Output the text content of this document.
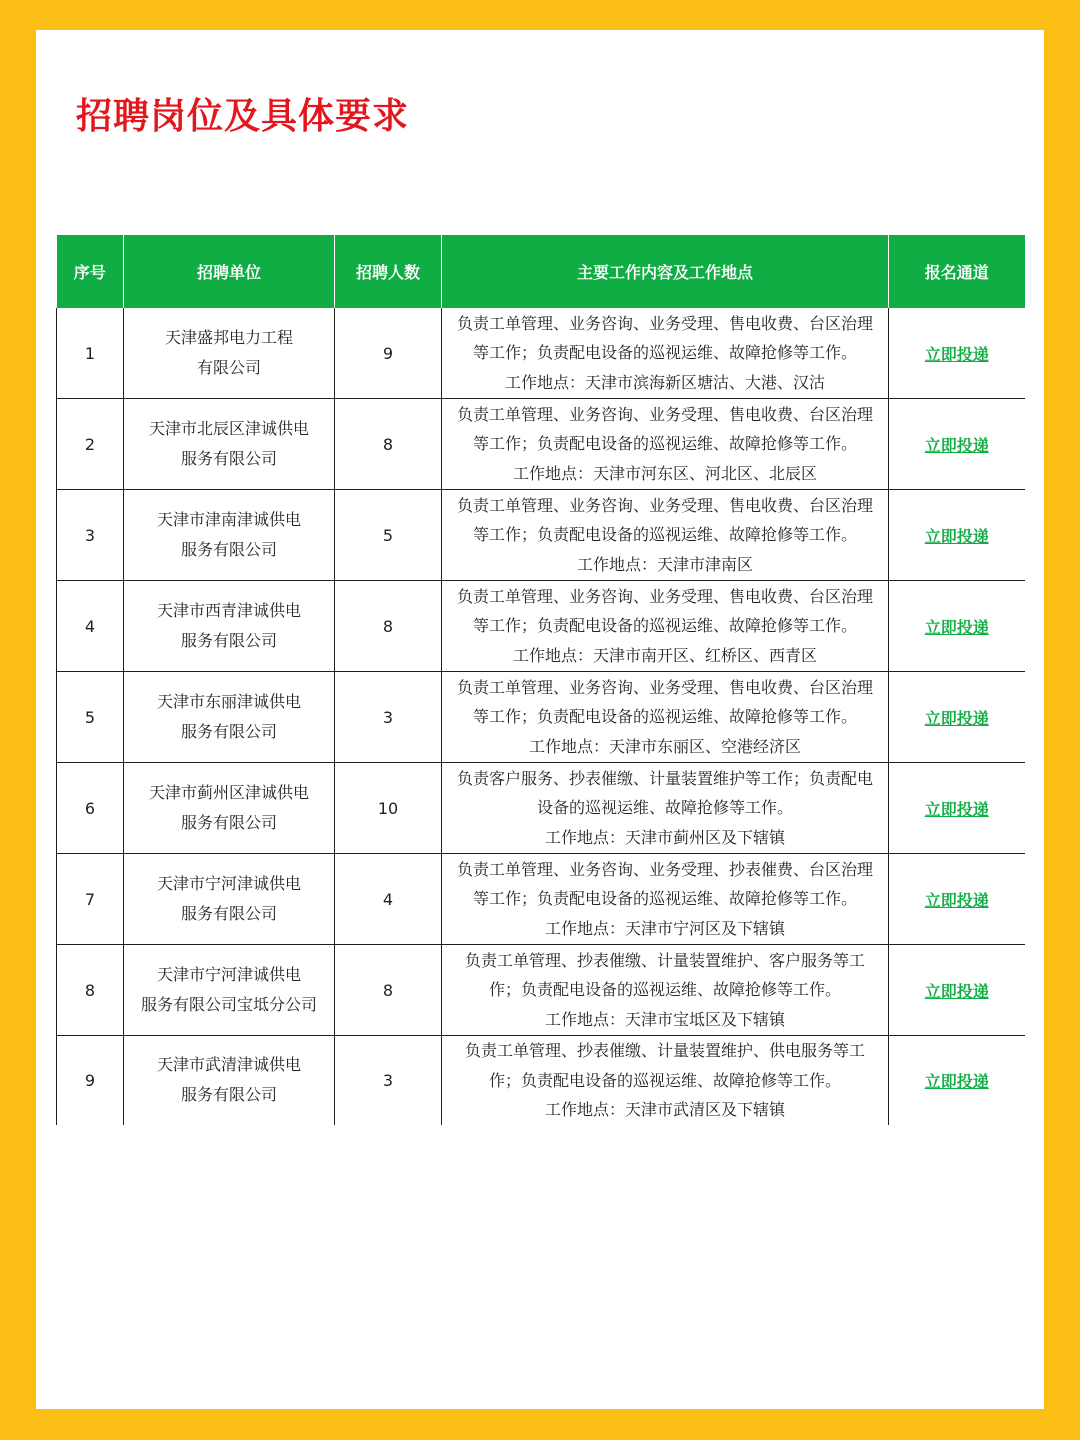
招聘岗位及具体要求
序号	招聘单位	招聘人数	主要工作内容及工作地点	报名通道
1	天津盛邦电力工程
有限公司	9	负责工单管理、业务咨询、业务受理、售电收费、台区治理
等工作；负责配电设备的巡视运维、故障抢修等工作。
工作地点：天津市滨海新区塘沽、大港、汉沽	立即投递
2	天津市北辰区津诚供电
服务有限公司	8	负责工单管理、业务咨询、业务受理、售电收费、台区治理
等工作；负责配电设备的巡视运维、故障抢修等工作。
工作地点：天津市河东区、河北区、北辰区	立即投递
3	天津市津南津诚供电
服务有限公司	5	负责工单管理、业务咨询、业务受理、售电收费、台区治理
等工作；负责配电设备的巡视运维、故障抢修等工作。
工作地点：天津市津南区	立即投递
4	天津市西青津诚供电
服务有限公司	8	负责工单管理、业务咨询、业务受理、售电收费、台区治理
等工作；负责配电设备的巡视运维、故障抢修等工作。
工作地点：天津市南开区、红桥区、西青区	立即投递
5	天津市东丽津诚供电
服务有限公司	3	负责工单管理、业务咨询、业务受理、售电收费、台区治理
等工作；负责配电设备的巡视运维、故障抢修等工作。
工作地点：天津市东丽区、空港经济区	立即投递
6	天津市蓟州区津诚供电
服务有限公司	10	负责客户服务、抄表催缴、计量装置维护等工作；负责配电
设备的巡视运维、故障抢修等工作。
工作地点：天津市蓟州区及下辖镇	立即投递
7	天津市宁河津诚供电
服务有限公司	4	负责工单管理、业务咨询、业务受理、抄表催费、台区治理
等工作；负责配电设备的巡视运维、故障抢修等工作。
工作地点：天津市宁河区及下辖镇	立即投递
8	天津市宁河津诚供电
服务有限公司宝坻分公司	8	负责工单管理、抄表催缴、计量装置维护、客户服务等工
作；负责配电设备的巡视运维、故障抢修等工作。
工作地点：天津市宝坻区及下辖镇	立即投递
9	天津市武清津诚供电
服务有限公司	3	负责工单管理、抄表催缴、计量装置维护、供电服务等工
作；负责配电设备的巡视运维、故障抢修等工作。
工作地点：天津市武清区及下辖镇	立即投递
